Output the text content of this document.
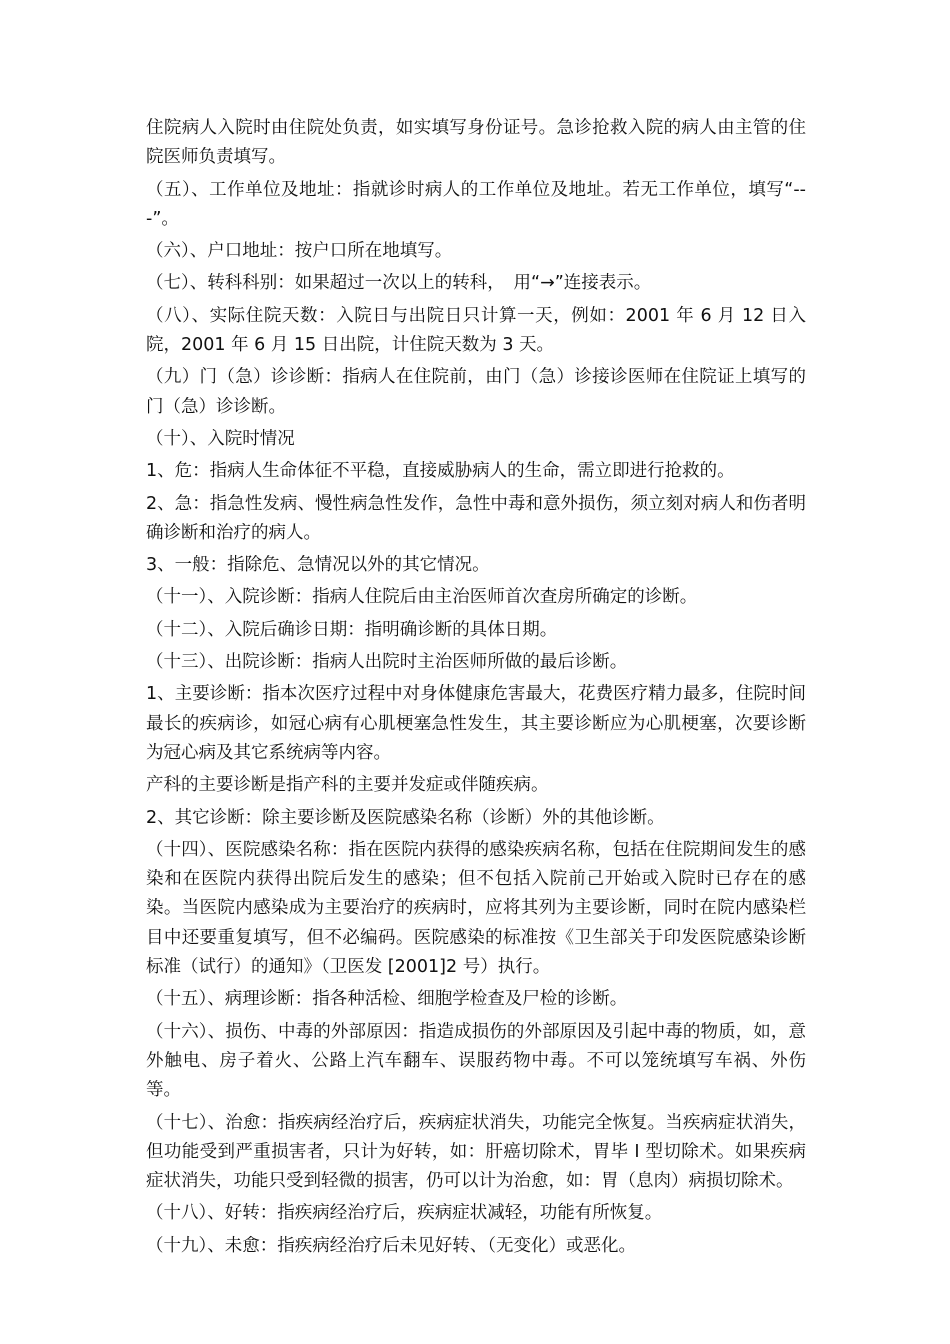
住院病人入院时由住院处负责，如实填写身份证号。急诊抢救入院的病人由主管的住院医师负责填写。

（五）、工作单位及地址：指就诊时病人的工作单位及地址。若无工作单位，填写“---”。

（六）、户口地址：按户口所在地填写。

（七）、转科科别：如果超过一次以上的转科，　用“→”连接表示。

（八）、实际住院天数：入院日与出院日只计算一天，例如：2001 年 6 月 12 日入院，2001 年 6 月 15 日出院，计住院天数为 3 天。

（九）门（急）诊诊断：指病人在住院前，由门（急）诊接诊医师在住院证上填写的门（急）诊诊断。

（十）、入院时情况

1、危：指病人生命体征不平稳，直接威胁病人的生命，需立即进行抢救的。

2、急：指急性发病、慢性病急性发作，急性中毒和意外损伤，须立刻对病人和伤者明确诊断和治疗的病人。

3、一般：指除危、急情况以外的其它情况。

（十一）、入院诊断：指病人住院后由主治医师首次查房所确定的诊断。

（十二）、入院后确诊日期：指明确诊断的具体日期。

（十三）、出院诊断：指病人出院时主治医师所做的最后诊断。

1、主要诊断：指本次医疗过程中对身体健康危害最大，花费医疗精力最多，住院时间最长的疾病诊，如冠心病有心肌梗塞急性发生，其主要诊断应为心肌梗塞，次要诊断为冠心病及其它系统病等内容。

产科的主要诊断是指产科的主要并发症或伴随疾病。

2、其它诊断：除主要诊断及医院感染名称（诊断）外的其他诊断。

（十四）、医院感染名称：指在医院内获得的感染疾病名称，包括在住院期间发生的感染和在医院内获得出院后发生的感染；但不包括入院前己开始或入院时已存在的感染。当医院内感染成为主要治疗的疾病时，应将其列为主要诊断，同时在院内感染栏目中还要重复填写，但不必编码。医院感染的标准按《卫生部关于印发医院感染诊断标准（试行）的通知》（卫医发 [2001]2 号）执行。

（十五）、病理诊断：指各种活检、细胞学检查及尸检的诊断。

（十六）、损伤、中毒的外部原因：指造成损伤的外部原因及引起中毒的物质，如，意外触电、房子着火、公路上汽车翻车、误服药物中毒。不可以笼统填写车祸、外伤等。

（十七）、治愈：指疾病经治疗后，疾病症状消失，功能完全恢复。当疾病症状消失，但功能受到严重损害者，只计为好转，如：肝癌切除术，胃毕 I 型切除术。如果疾病症状消失，功能只受到轻微的损害，仍可以计为治愈，如：胃（息肉）病损切除术。

（十八）、好转：指疾病经治疗后，疾病症状减轻，功能有所恢复。

（十九）、未愈：指疾病经治疗后未见好转、（无变化）或恶化。
